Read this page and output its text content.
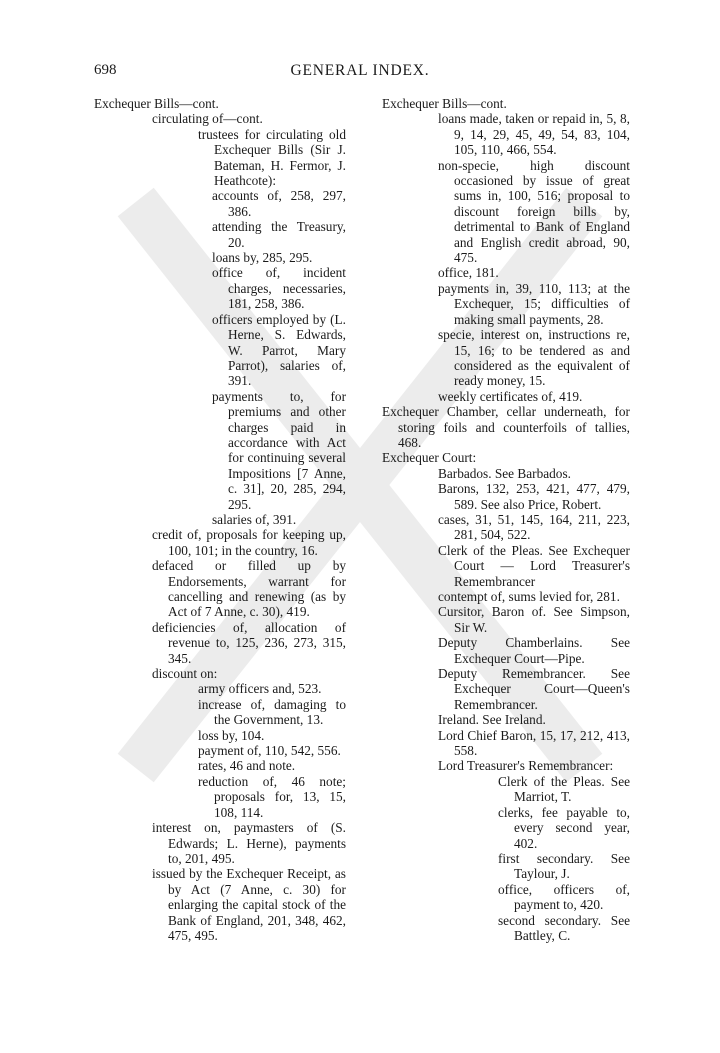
698	GENERAL INDEX.
Exchequer Bills—cont.
circulating of—cont.
trustees for circulating old Exchequer Bills (Sir J. Bateman, H. Fermor, J. Heathcote):
accounts of, 258, 297, 386.
attending the Treasury, 20.
loans by, 285, 295.
office of, incident charges, necessaries, 181, 258, 386.
officers employed by (L. Herne, S. Edwards, W. Parrot, Mary Parrot), salaries of, 391.
payments to, for premiums and other charges paid in accordance with Act for continuing several Impositions [7 Anne, c. 31], 20, 285, 294, 295.
salaries of, 391.
credit of, proposals for keeping up, 100, 101; in the country, 16.
defaced or filled up by Endorsements, warrant for cancelling and renewing (as by Act of 7 Anne, c. 30), 419.
deficiencies of, allocation of revenue to, 125, 236, 273, 315, 345.
discount on:
army officers and, 523.
increase of, damaging to the Government, 13.
loss by, 104.
payment of, 110, 542, 556.
rates, 46 and note.
reduction of, 46 note; proposals for, 13, 15, 108, 114.
interest on, paymasters of (S. Edwards; L. Herne), payments to, 201, 495.
issued by the Exchequer Receipt, as by Act (7 Anne, c. 30) for enlarging the capital stock of the Bank of England, 201, 348, 462, 475, 495.
Exchequer Bills—cont.
loans made, taken or repaid in, 5, 8, 9, 14, 29, 45, 49, 54, 83, 104, 105, 110, 466, 554.
non-specie, high discount occasioned by issue of great sums in, 100, 516; proposal to discount foreign bills by, detrimental to Bank of England and English credit abroad, 90, 475.
office, 181.
payments in, 39, 110, 113; at the Exchequer, 15; difficulties of making small payments, 28.
specie, interest on, instructions re, 15, 16; to be tendered as and considered as the equivalent of ready money, 15.
weekly certificates of, 419.
Exchequer Chamber, cellar underneath, for storing foils and counterfoils of tallies, 468.
Exchequer Court:
Barbados. See Barbados.
Barons, 132, 253, 421, 477, 479, 589. See also Price, Robert.
cases, 31, 51, 145, 164, 211, 223, 281, 504, 522.
Clerk of the Pleas. See Exchequer Court — Lord Treasurer's Remembrancer
contempt of, sums levied for, 281.
Cursitor, Baron of. See Simpson, Sir W.
Deputy Chamberlains. See Exchequer Court—Pipe.
Deputy Remembrancer. See Exchequer Court—Queen's Remembrancer.
Ireland. See Ireland.
Lord Chief Baron, 15, 17, 212, 413, 558.
Lord Treasurer's Remembrancer:
Clerk of the Pleas. See Marriot, T.
clerks, fee payable to, every second year, 402.
first secondary. See Taylour, J.
office, officers of, payment to, 420.
second secondary. See Battley, C.
